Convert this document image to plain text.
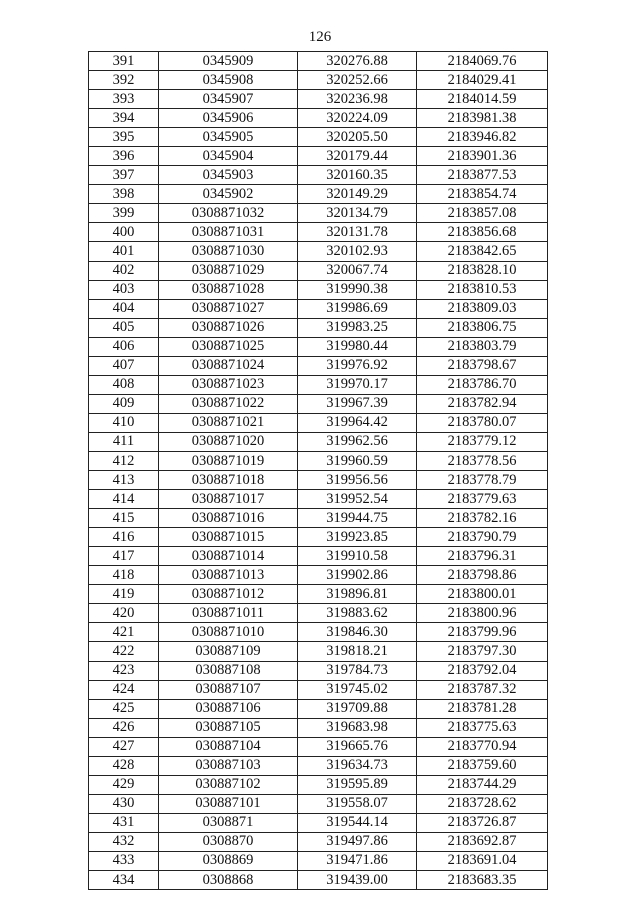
126
391	0345909	320276.88	2184069.76
392	0345908	320252.66	2184029.41
393	0345907	320236.98	2184014.59
394	0345906	320224.09	2183981.38
395	0345905	320205.50	2183946.82
396	0345904	320179.44	2183901.36
397	0345903	320160.35	2183877.53
398	0345902	320149.29	2183854.74
399	0308871032	320134.79	2183857.08
400	0308871031	320131.78	2183856.68
401	0308871030	320102.93	2183842.65
402	0308871029	320067.74	2183828.10
403	0308871028	319990.38	2183810.53
404	0308871027	319986.69	2183809.03
405	0308871026	319983.25	2183806.75
406	0308871025	319980.44	2183803.79
407	0308871024	319976.92	2183798.67
408	0308871023	319970.17	2183786.70
409	0308871022	319967.39	2183782.94
410	0308871021	319964.42	2183780.07
411	0308871020	319962.56	2183779.12
412	0308871019	319960.59	2183778.56
413	0308871018	319956.56	2183778.79
414	0308871017	319952.54	2183779.63
415	0308871016	319944.75	2183782.16
416	0308871015	319923.85	2183790.79
417	0308871014	319910.58	2183796.31
418	0308871013	319902.86	2183798.86
419	0308871012	319896.81	2183800.01
420	0308871011	319883.62	2183800.96
421	0308871010	319846.30	2183799.96
422	030887109	319818.21	2183797.30
423	030887108	319784.73	2183792.04
424	030887107	319745.02	2183787.32
425	030887106	319709.88	2183781.28
426	030887105	319683.98	2183775.63
427	030887104	319665.76	2183770.94
428	030887103	319634.73	2183759.60
429	030887102	319595.89	2183744.29
430	030887101	319558.07	2183728.62
431	0308871	319544.14	2183726.87
432	0308870	319497.86	2183692.87
433	0308869	319471.86	2183691.04
434	0308868	319439.00	2183683.35
